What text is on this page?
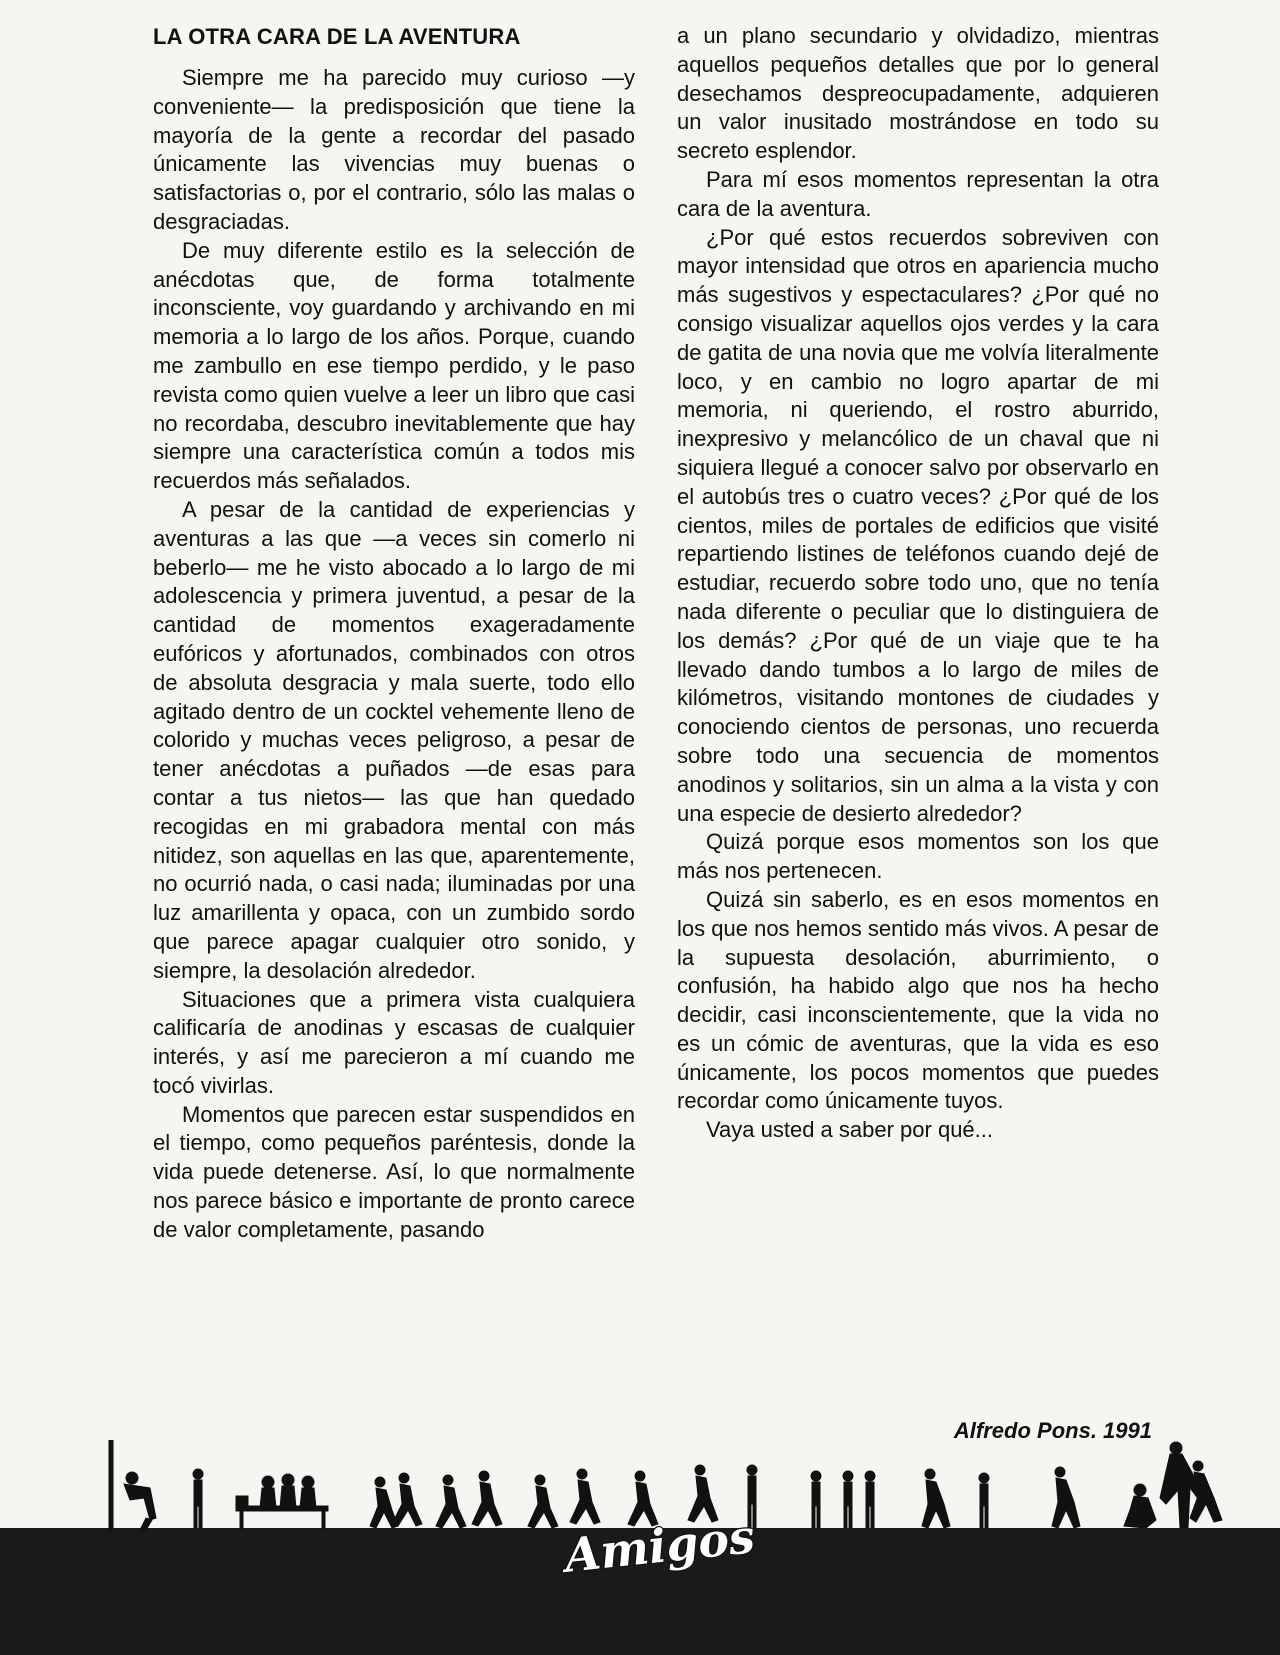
LA OTRA CARA DE LA AVENTURA

Siempre me ha parecido muy curioso —y conveniente— la predisposición que tiene la mayoría de la gente a recordar del pasado únicamente las vivencias muy buenas o satisfactorias o, por el contrario, sólo las malas o desgraciadas.

De muy diferente estilo es la selección de anécdotas que, de forma totalmente inconsciente, voy guardando y archivando en mi memoria a lo largo de los años. Porque, cuando me zambullo en ese tiempo perdido, y le paso revista como quien vuelve a leer un libro que casi no recordaba, descubro inevitablemente que hay siempre una característica común a todos mis recuerdos más señalados.

A pesar de la cantidad de experiencias y aventuras a las que —a veces sin comerlo ni beberlo— me he visto abocado a lo largo de mi adolescencia y primera juventud, a pesar de la cantidad de momentos exageradamente eufóricos y afortunados, combinados con otros de absoluta desgracia y mala suerte, todo ello agitado dentro de un cocktel vehemente lleno de colorido y muchas veces peligroso, a pesar de tener anécdotas a puñados —de esas para contar a tus nietos— las que han quedado recogidas en mi grabadora mental con más nitidez, son aquellas en las que, aparentemente, no ocurrió nada, o casi nada; iluminadas por una luz amarillenta y opaca, con un zumbido sordo que parece apagar cualquier otro sonido, y siempre, la desolación alrededor.

Situaciones que a primera vista cualquiera calificaría de anodinas y escasas de cualquier interés, y así me parecieron a mí cuando me tocó vivirlas.

Momentos que parecen estar suspendidos en el tiempo, como pequeños paréntesis, donde la vida puede detenerse. Así, lo que normalmente nos parece básico e importante de pronto carece de valor completamente, pasando

a un plano secundario y olvidadizo, mientras aquellos pequeños detalles que por lo general desechamos despreocupadamente, adquieren un valor inusitado mostrándose en todo su secreto esplendor.

Para mí esos momentos representan la otra cara de la aventura.

¿Por qué estos recuerdos sobreviven con mayor intensidad que otros en apariencia mucho más sugestivos y espectaculares? ¿Por qué no consigo visualizar aquellos ojos verdes y la cara de gatita de una novia que me volvía literalmente loco, y en cambio no logro apartar de mi memoria, ni queriendo, el rostro aburrido, inexpresivo y melancólico de un chaval que ni siquiera llegué a conocer salvo por observarlo en el autobús tres o cuatro veces? ¿Por qué de los cientos, miles de portales de edificios que visité repartiendo listines de teléfonos cuando dejé de estudiar, recuerdo sobre todo uno, que no tenía nada diferente o peculiar que lo distinguiera de los demás? ¿Por qué de un viaje que te ha llevado dando tumbos a lo largo de miles de kilómetros, visitando montones de ciudades y conociendo cientos de personas, uno recuerda sobre todo una secuencia de momentos anodinos y solitarios, sin un alma a la vista y con una especie de desierto alrededor?

Quizá porque esos momentos son los que más nos pertenecen.

Quizá sin saberlo, es en esos momentos en los que nos hemos sentido más vivos. A pesar de la supuesta desolación, aburrimiento, o confusión, ha habido algo que nos ha hecho decidir, casi inconscientemente, que la vida no es un cómic de aventuras, que la vida es eso únicamente, los pocos momentos que puedes recordar como únicamente tuyos.

Vaya usted a saber por qué...

Alfredo Pons. 1991

Amigos
